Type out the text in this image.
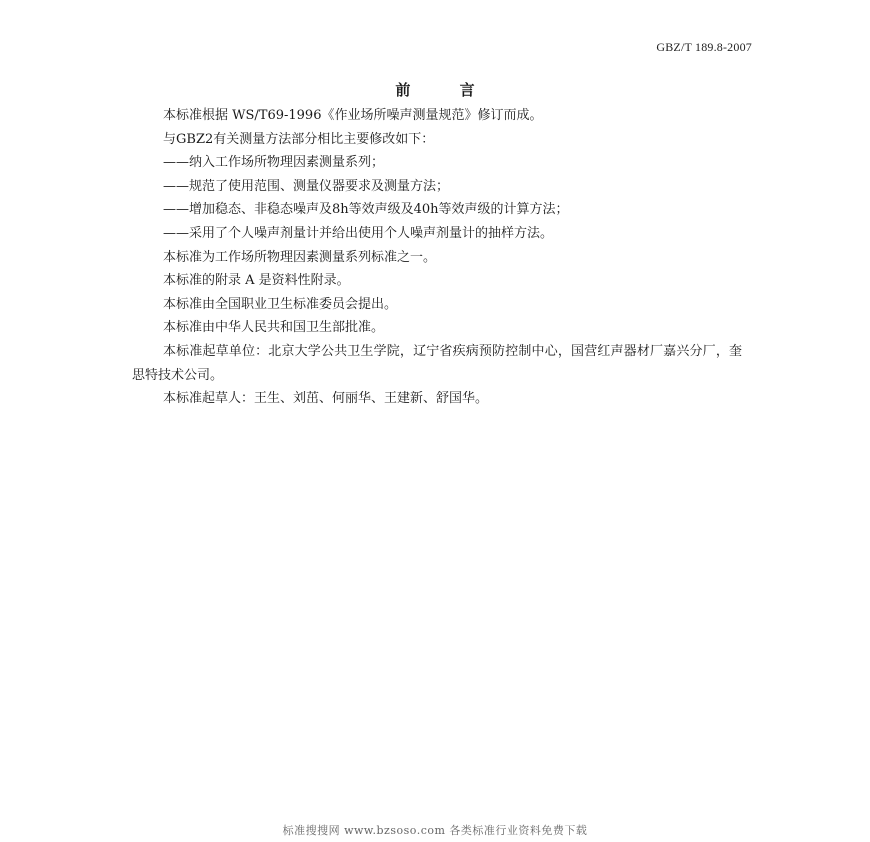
GBZ/T 189.8-2007
前 言

本标准根据 WS/T69-1996《作业场所噪声测量规范》修订而成。

与GBZ2有关测量方法部分相比主要修改如下：

——纳入工作场所物理因素测量系列；

——规范了使用范围、测量仪器要求及测量方法；

——增加稳态、非稳态噪声及8h等效声级及40h等效声级的计算方法；

——采用了个人噪声剂量计并给出使用个人噪声剂量计的抽样方法。

本标准为工作场所物理因素测量系列标准之一。

本标准的附录 A 是资料性附录。

本标准由全国职业卫生标准委员会提出。

本标准由中华人民共和国卫生部批准。

本标准起草单位：北京大学公共卫生学院，辽宁省疾病预防控制中心，国营红声器材厂嘉兴分厂，奎思特技术公司。

本标准起草人：王生、刘茁、何丽华、王建新、舒国华。

标准搜搜网 www.bzsoso.com 各类标准行业资料免费下载
